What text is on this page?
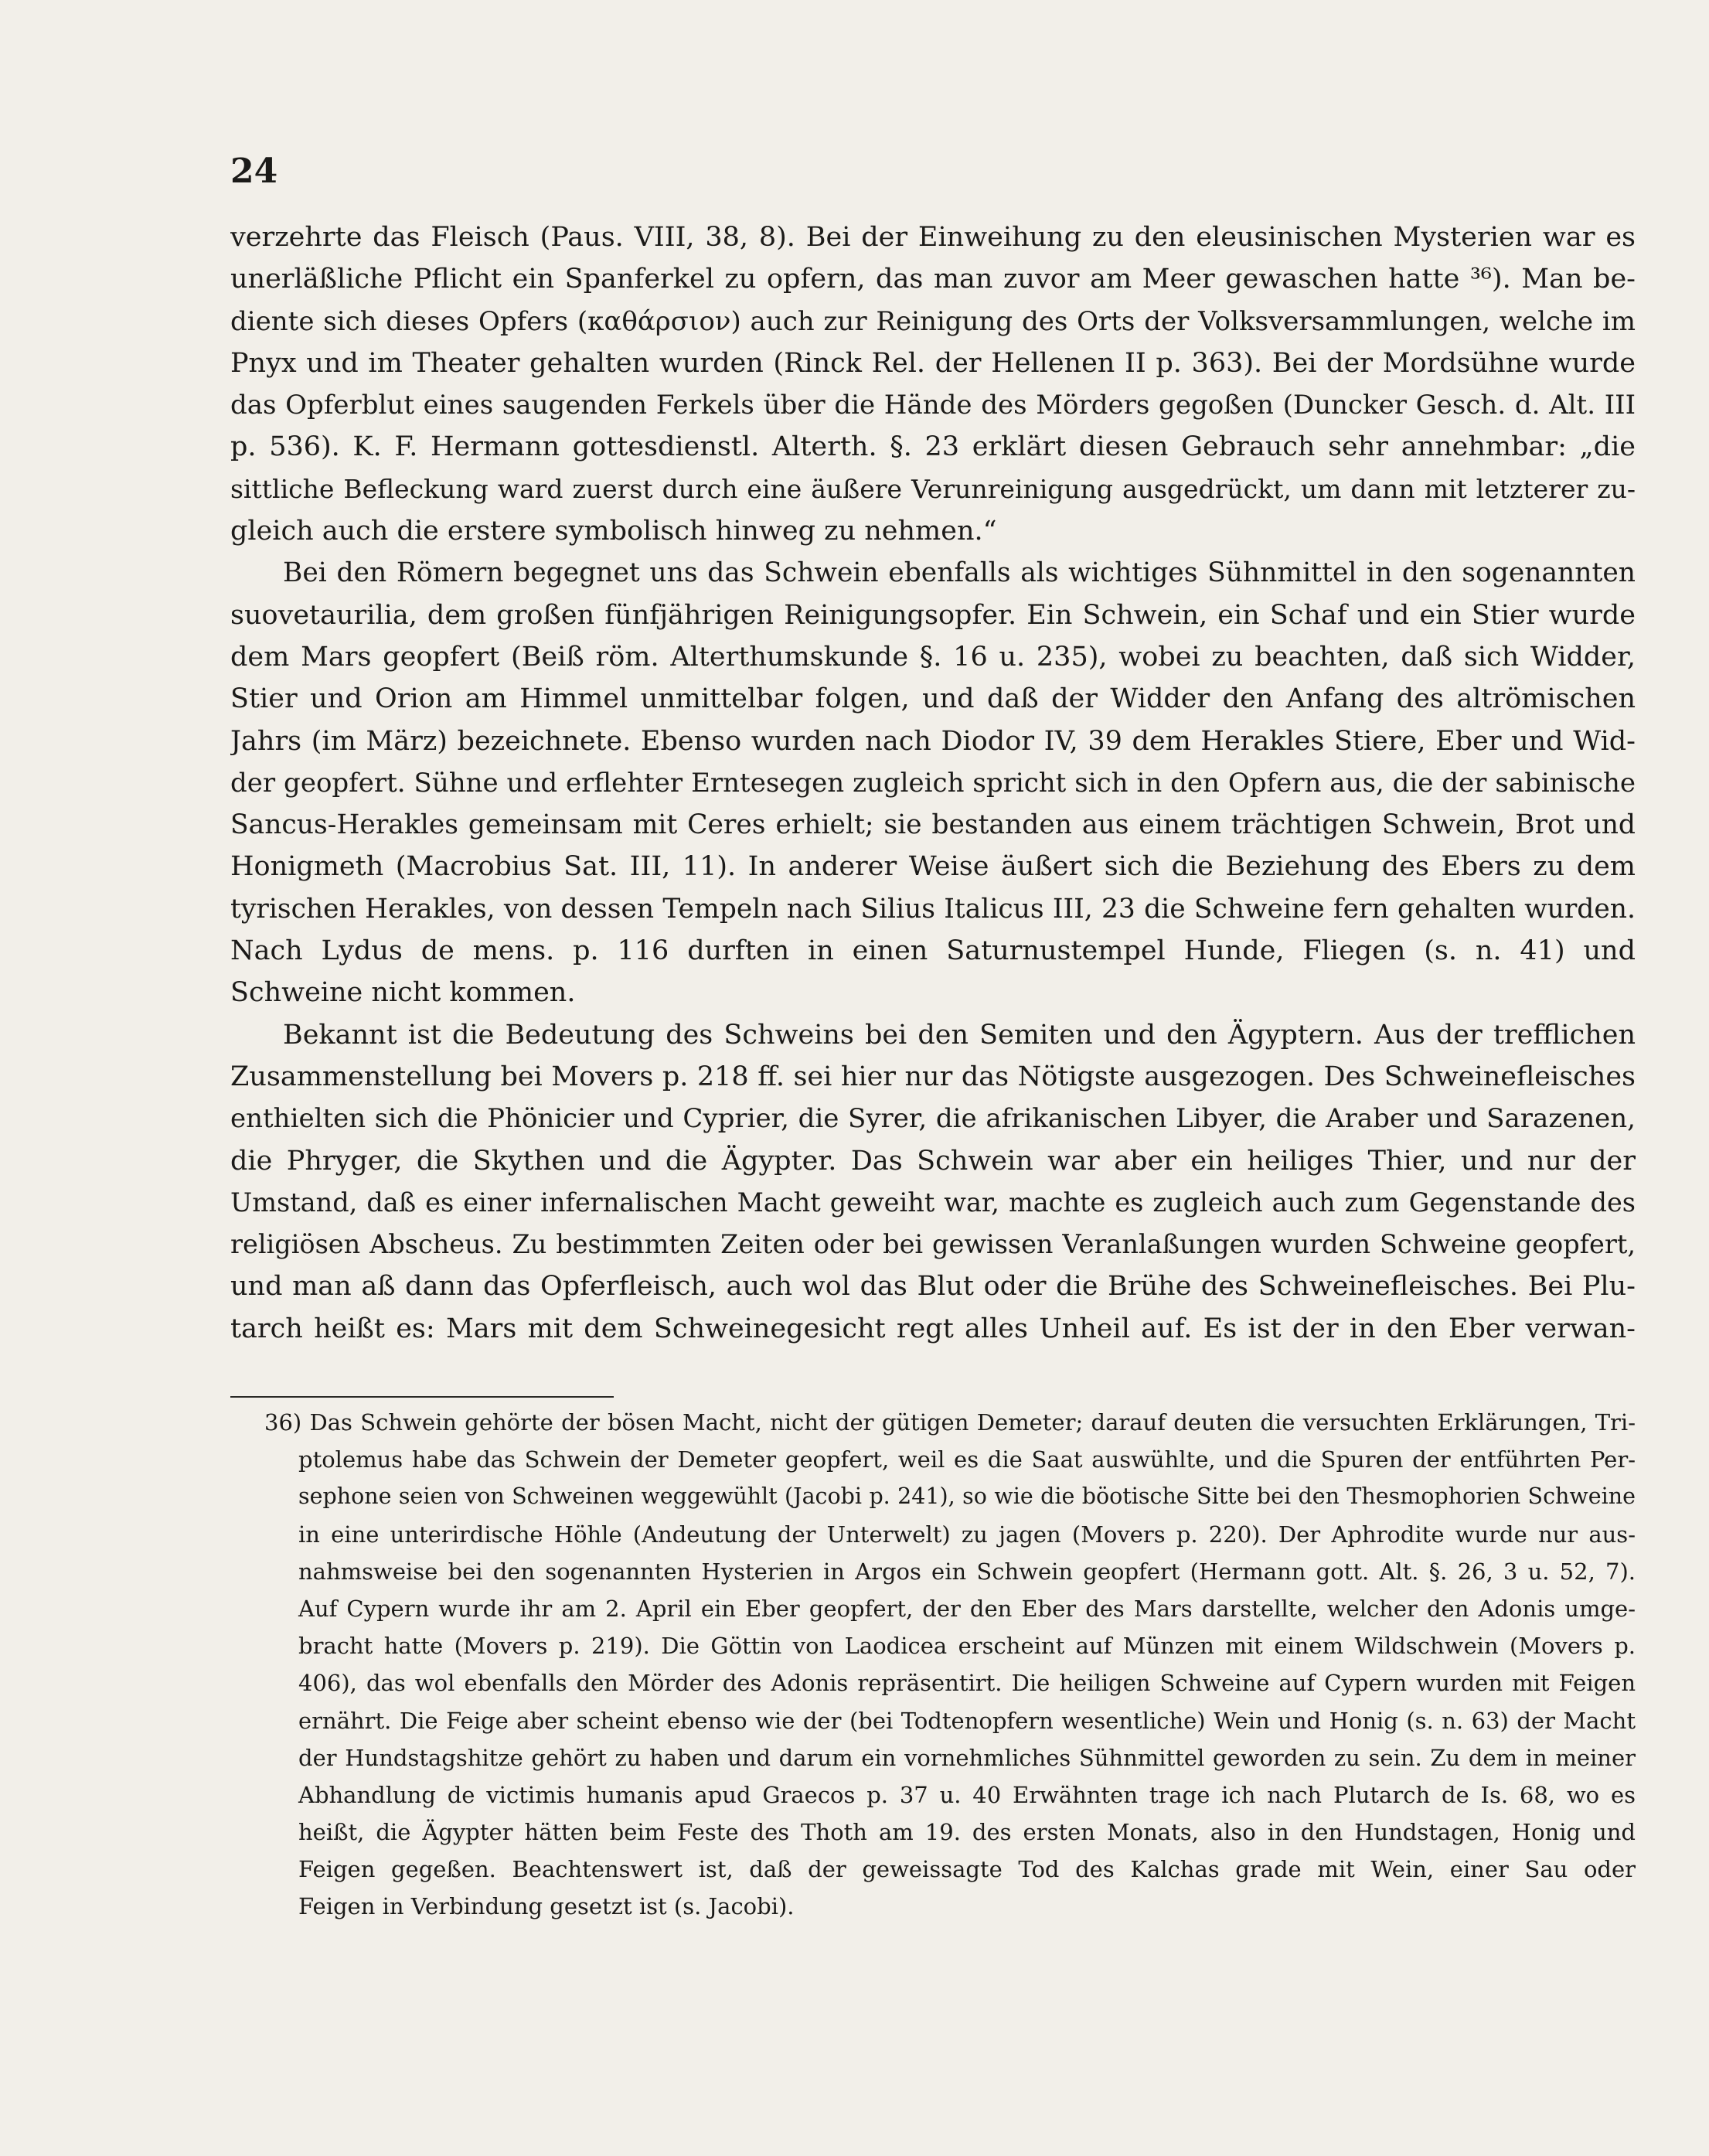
24
verzehrte das Fleisch (Paus. VIII, 38, 8). Bei der Einweihung zu den eleusinischen Mysterien war es
unerläßliche Pflicht ein Spanferkel zu opfern, das man zuvor am Meer gewaschen hatte ³⁶). Man be-
diente sich dieses Opfers (καθάρσιον) auch zur Reinigung des Orts der Volksversammlungen, welche im
Pnyx und im Theater gehalten wurden (Rinck Rel. der Hellenen II p. 363). Bei der Mordsühne wurde
das Opferblut eines saugenden Ferkels über die Hände des Mörders gegoßen (Duncker Gesch. d. Alt. III
p. 536). K. F. Hermann gottesdienstl. Alterth. §. 23 erklärt diesen Gebrauch sehr annehmbar: „die
sittliche Befleckung ward zuerst durch eine äußere Verunreinigung ausgedrückt, um dann mit letzterer zu-
gleich auch die erstere symbolisch hinweg zu nehmen.“
Bei den Römern begegnet uns das Schwein ebenfalls als wichtiges Sühnmittel in den sogenannten
suovetaurilia, dem großen fünfjährigen Reinigungsopfer. Ein Schwein, ein Schaf und ein Stier wurde
dem Mars geopfert (Beiß röm. Alterthumskunde §. 16 u. 235), wobei zu beachten, daß sich Widder,
Stier und Orion am Himmel unmittelbar folgen, und daß der Widder den Anfang des altrömischen
Jahrs (im März) bezeichnete. Ebenso wurden nach Diodor IV, 39 dem Herakles Stiere, Eber und Wid-
der geopfert. Sühne und erflehter Erntesegen zugleich spricht sich in den Opfern aus, die der sabinische
Sancus-Herakles gemeinsam mit Ceres erhielt; sie bestanden aus einem trächtigen Schwein, Brot und
Honigmeth (Macrobius Sat. III, 11). In anderer Weise äußert sich die Beziehung des Ebers zu dem
tyrischen Herakles, von dessen Tempeln nach Silius Italicus III, 23 die Schweine fern gehalten wurden.
Nach Lydus de mens. p. 116 durften in einen Saturnustempel Hunde, Fliegen (s. n. 41) und
Schweine nicht kommen.
Bekannt ist die Bedeutung des Schweins bei den Semiten und den Ägyptern. Aus der trefflichen
Zusammenstellung bei Movers p. 218 ff. sei hier nur das Nötigste ausgezogen. Des Schweinefleisches
enthielten sich die Phönicier und Cyprier, die Syrer, die afrikanischen Libyer, die Araber und Sarazenen,
die Phryger, die Skythen und die Ägypter. Das Schwein war aber ein heiliges Thier, und nur der
Umstand, daß es einer infernalischen Macht geweiht war, machte es zugleich auch zum Gegenstande des
religiösen Abscheus. Zu bestimmten Zeiten oder bei gewissen Veranlaßungen wurden Schweine geopfert,
und man aß dann das Opferfleisch, auch wol das Blut oder die Brühe des Schweinefleisches. Bei Plu-
tarch heißt es: Mars mit dem Schweinegesicht regt alles Unheil auf. Es ist der in den Eber verwan-
36) Das Schwein gehörte der bösen Macht, nicht der gütigen Demeter; darauf deuten die versuchten Erklärungen, Tri-
ptolemus habe das Schwein der Demeter geopfert, weil es die Saat auswühlte, und die Spuren der entführten Per-
sephone seien von Schweinen weggewühlt (Jacobi p. 241), so wie die böotische Sitte bei den Thesmophorien Schweine
in eine unterirdische Höhle (Andeutung der Unterwelt) zu jagen (Movers p. 220). Der Aphrodite wurde nur aus-
nahmsweise bei den sogenannten Hysterien in Argos ein Schwein geopfert (Hermann gott. Alt. §. 26, 3 u. 52, 7).
Auf Cypern wurde ihr am 2. April ein Eber geopfert, der den Eber des Mars darstellte, welcher den Adonis umge-
bracht hatte (Movers p. 219). Die Göttin von Laodicea erscheint auf Münzen mit einem Wildschwein (Movers p.
406), das wol ebenfalls den Mörder des Adonis repräsentirt. Die heiligen Schweine auf Cypern wurden mit Feigen
ernährt. Die Feige aber scheint ebenso wie der (bei Todtenopfern wesentliche) Wein und Honig (s. n. 63) der Macht
der Hundstagshitze gehört zu haben und darum ein vornehmliches Sühnmittel geworden zu sein. Zu dem in meiner
Abhandlung de victimis humanis apud Graecos p. 37 u. 40 Erwähnten trage ich nach Plutarch de Is. 68, wo es
heißt, die Ägypter hätten beim Feste des Thoth am 19. des ersten Monats, also in den Hundstagen, Honig und
Feigen gegeßen. Beachtenswert ist, daß der geweissagte Tod des Kalchas grade mit Wein, einer Sau oder
Feigen in Verbindung gesetzt ist (s. Jacobi).
